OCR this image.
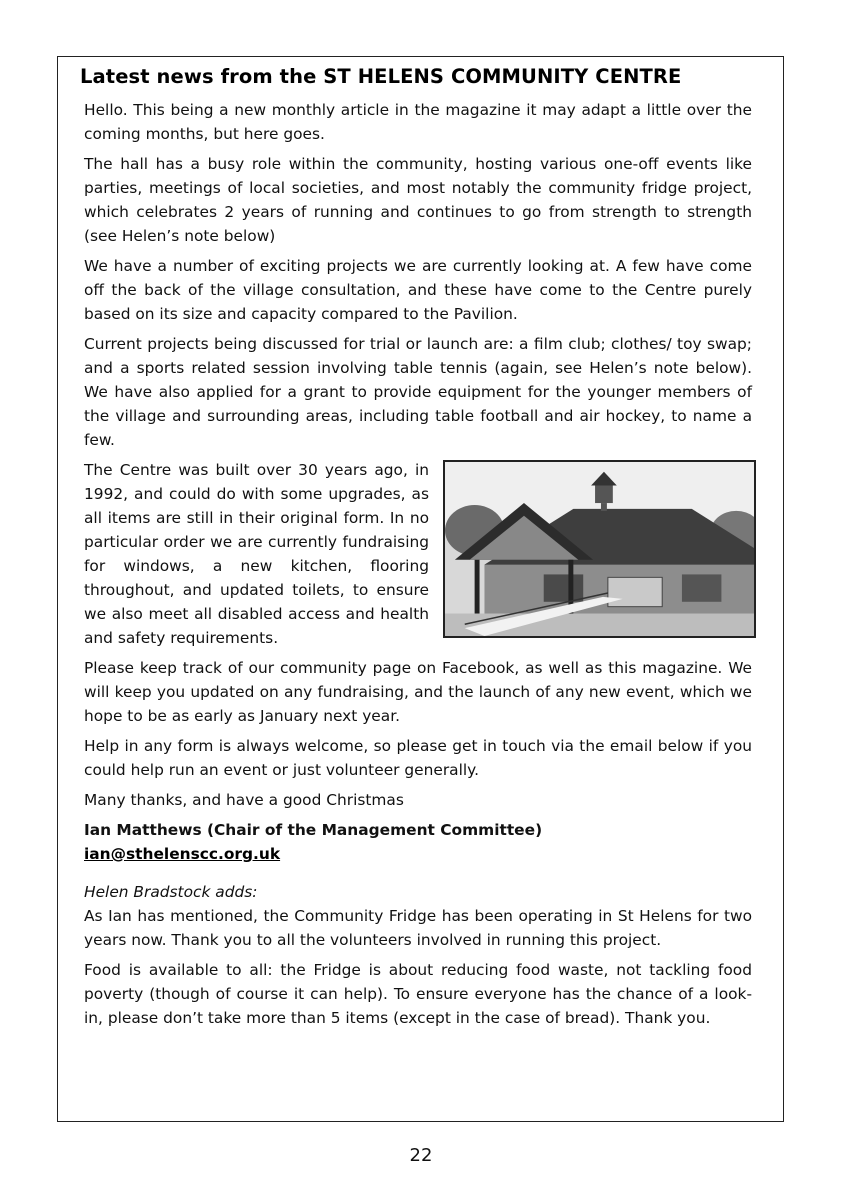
Latest news from the ST HELENS COMMUNITY CENTRE

Hello. This being a new monthly article in the magazine it may adapt a little over the coming months, but here goes.

The hall has a busy role within the community, hosting various one-off events like parties, meetings of local societies, and most notably the community fridge project, which celebrates 2 years of running and continues to go from strength to strength (see Helen’s note below)

We have a number of exciting projects we are currently looking at. A few have come off the back of the village consultation, and these have come to the Centre purely based on its size and capacity compared to the Pavilion.

Current projects being discussed for trial or launch are: a film club; clothes/ toy swap; and a sports related session involving table tennis (again, see Helen’s note below). We have also applied for a grant to provide equipment for the younger members of the village and surrounding areas, including table football and air hockey, to name a few.

The Centre was built over 30 years ago, in 1992, and could do with some upgrades, as all items are still in their original form. In no particular order we are currently fundraising for windows, a new kitchen, flooring throughout, and updated toilets, to ensure we also meet all disabled access and health and safety requirements.

Please keep track of our community page on Facebook, as well as this magazine. We will keep you updated on any fundraising, and the launch of any new event, which we hope to be as early as January next year.

Help in any form is always welcome, so please get in touch via the email below if you could help run an event or just volunteer generally.

Many thanks, and have a good Christmas

Ian Matthews (Chair of the Management Committee)

ian@sthelenscc.org.uk

Helen Bradstock adds:

As Ian has mentioned, the Community Fridge has been operating in St Helens for two years now. Thank you to all the volunteers involved in running this project.

Food is available to all: the Fridge is about reducing food waste, not tackling food poverty (though of course it can help). To ensure everyone has the chance of a look-in, please don’t take more than 5 items (except in the case of bread). Thank you.

22
